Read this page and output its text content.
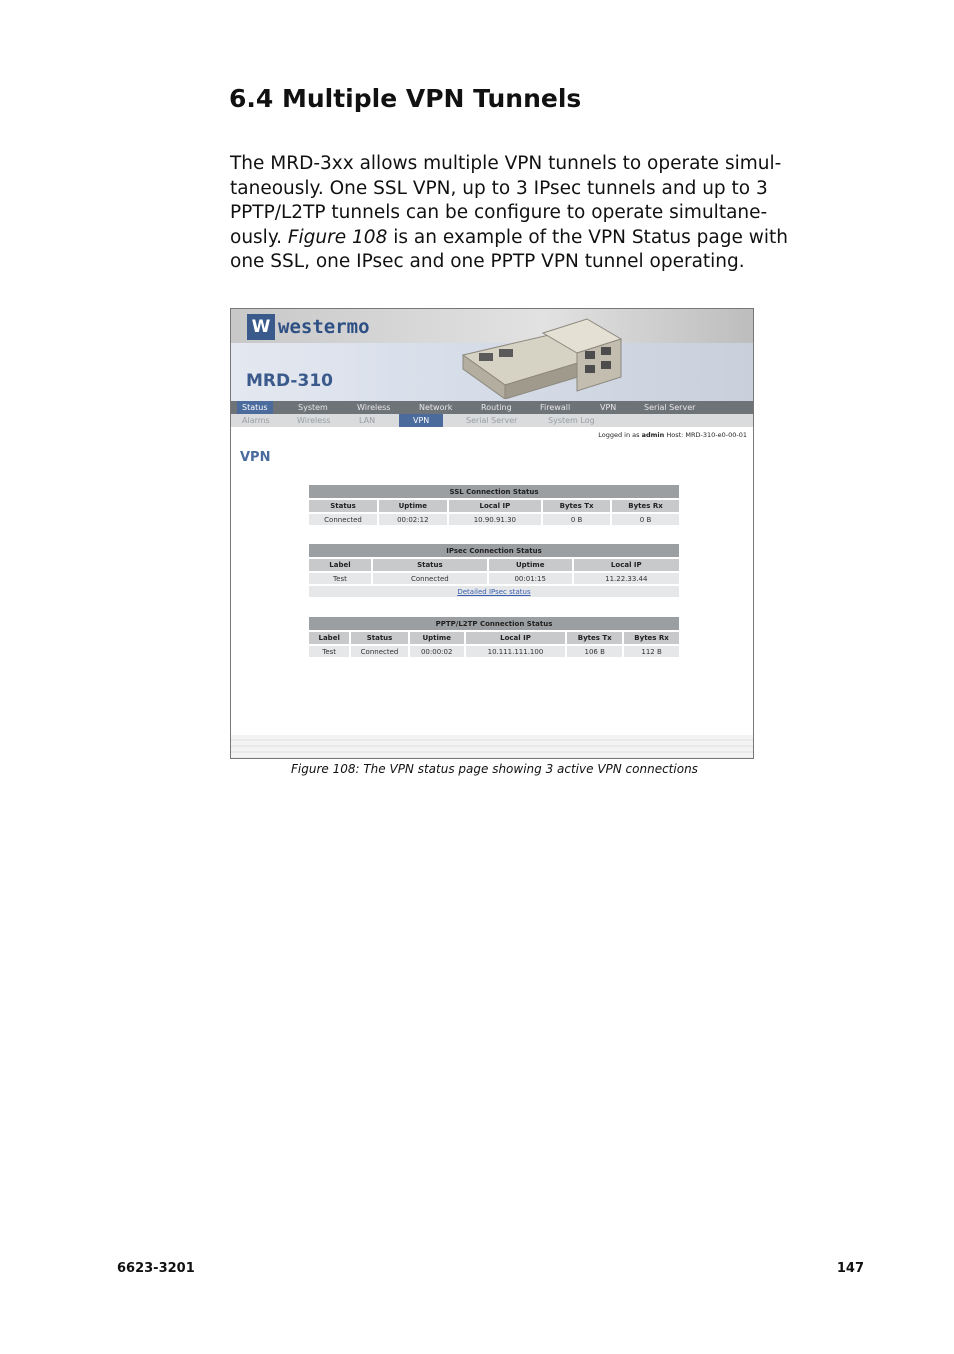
6.4 Multiple VPN Tunnels

The MRD-3xx allows multiple VPN tunnels to operate simul-
taneously. One SSL VPN, up to 3 IPsec tunnels and up to 3
PPTP/L2TP tunnels can be configure to operate simultane-
ously. Figure 108 is an example of the VPN Status page with
one SSL, one IPsec and one PPTP VPN tunnel operating.

W westermo
MRD-310
Status	System	Wireless	Network	Routing	Firewall	VPN	Serial Server
Alarms	Wireless	LAN	VPN	Serial Server	System Log
Logged in as admin Host: MRD-310-e0-00-01
VPN
SSL Connection Status				
Status	Uptime	Local IP	Bytes Tx	Bytes Rx
Connected	00:02:12	10.90.91.30	0 B	0 B
IPsec Connection Status			
Label	Status	Uptime	Local IP
Test	Connected	00:01:15	11.22.33.44
Detailed IPsec status			
PPTP/L2TP Connection Status					
Label	Status	Uptime	Local IP	Bytes Tx	Bytes Rx
Test	Connected	00:00:02	10.111.111.100	106 B	112 B
Figure 108: The VPN status page showing 3 active VPN connections
6623-3201	147
